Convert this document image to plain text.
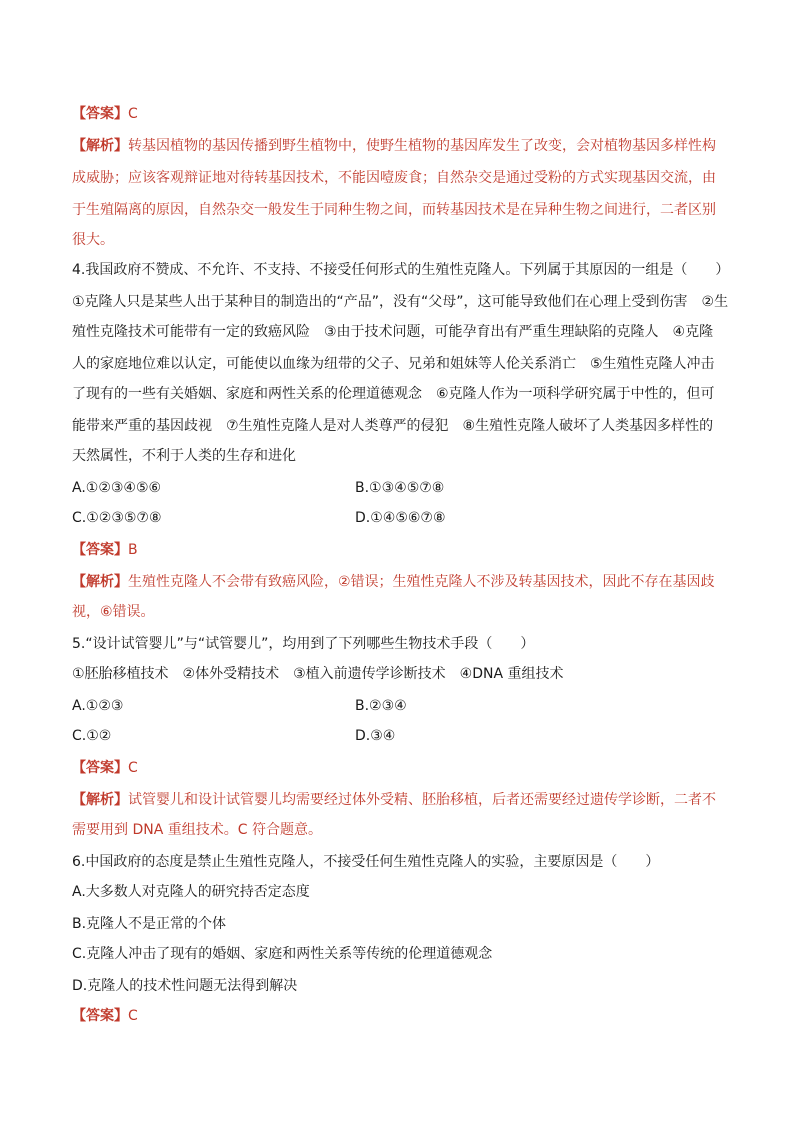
【答案】C
【解析】转基因植物的基因传播到野生植物中，使野生植物的基因库发生了改变，会对植物基因多样性构
成威胁；应该客观辩证地对待转基因技术，不能因噎废食；自然杂交是通过受粉的方式实现基因交流，由
于生殖隔离的原因，自然杂交一般发生于同种生物之间，而转基因技术是在异种生物之间进行，二者区别
很大。
4.我国政府不赞成、不允许、不支持、不接受任何形式的生殖性克隆人。下列属于其原因的一组是（　　）
①克隆人只是某些人出于某种目的制造出的“产品”，没有“父母”，这可能导致他们在心理上受到伤害　②生
殖性克隆技术可能带有一定的致癌风险　③由于技术问题，可能孕育出有严重生理缺陷的克隆人　④克隆
人的家庭地位难以认定，可能使以血缘为纽带的父子、兄弟和姐妹等人伦关系消亡　⑤生殖性克隆人冲击
了现有的一些有关婚姻、家庭和两性关系的伦理道德观念　⑥克隆人作为一项科学研究属于中性的，但可
能带来严重的基因歧视　⑦生殖性克隆人是对人类尊严的侵犯　⑧生殖性克隆人破坏了人类基因多样性的
天然属性，不利于人类的生存和进化
A.①②③④⑤⑥	B.①③④⑤⑦⑧
C.①②③⑤⑦⑧	D.①④⑤⑥⑦⑧
【答案】B
【解析】生殖性克隆人不会带有致癌风险，②错误；生殖性克隆人不涉及转基因技术，因此不存在基因歧
视，⑥错误。
5.“设计试管婴儿”与“试管婴儿”，均用到了下列哪些生物技术手段（　　）
①胚胎移植技术　②体外受精技术　③植入前遗传学诊断技术　④DNA 重组技术
A.①②③	B.②③④
C.①②	D.③④
【答案】C
【解析】试管婴儿和设计试管婴儿均需要经过体外受精、胚胎移植，后者还需要经过遗传学诊断，二者不
需要用到 DNA 重组技术。C 符合题意。
6.中国政府的态度是禁止生殖性克隆人，不接受任何生殖性克隆人的实验，主要原因是（　　）
A.大多数人对克隆人的研究持否定态度
B.克隆人不是正常的个体
C.克隆人冲击了现有的婚姻、家庭和两性关系等传统的伦理道德观念
D.克隆人的技术性问题无法得到解决
【答案】C
